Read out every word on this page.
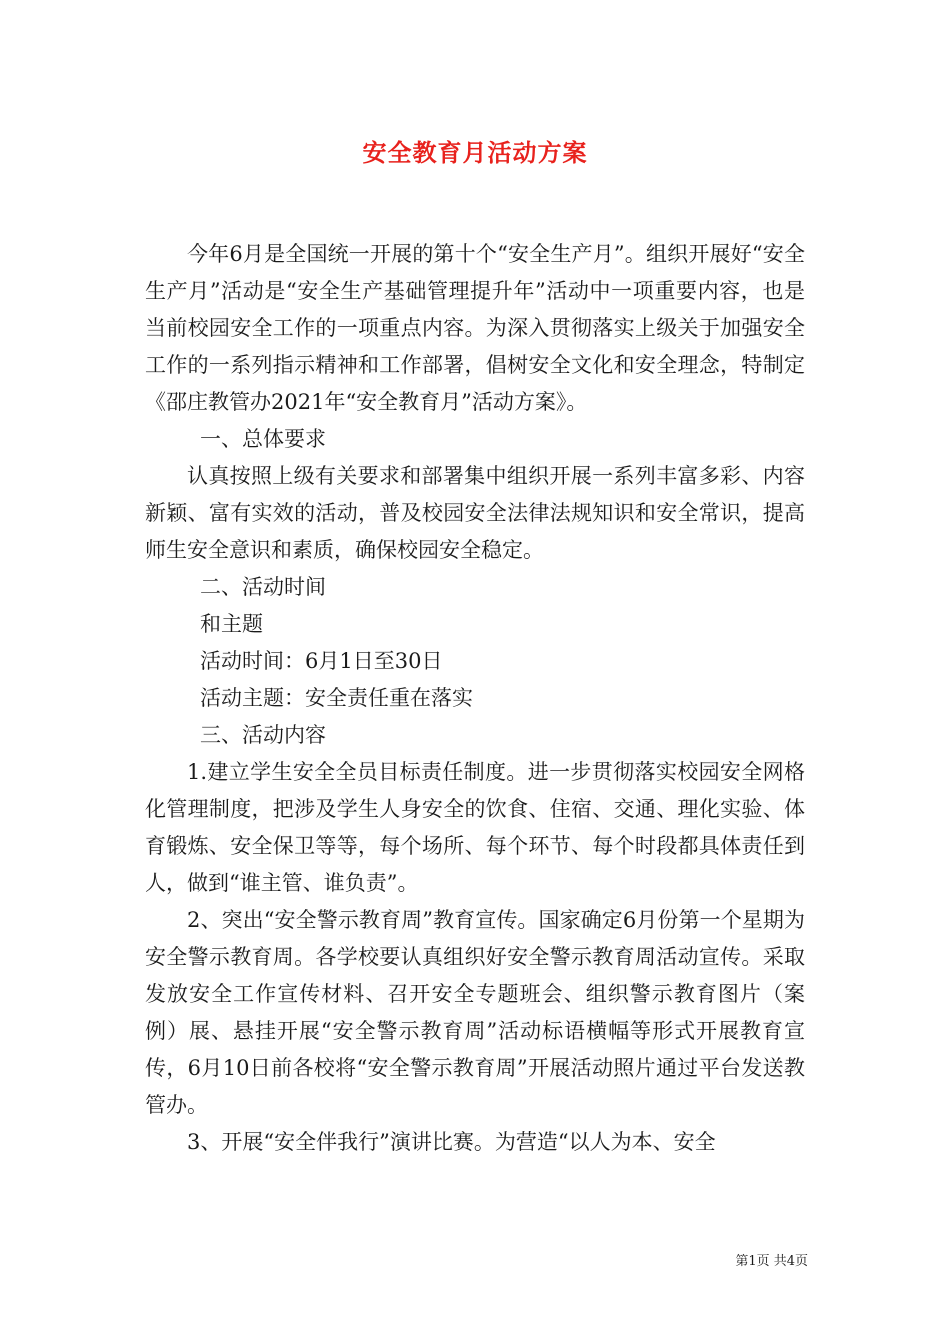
安全教育月活动方案

今年6月是全国统一开展的第十个“安全生产月”。组织开展好“安全生产月”活动是“安全生产基础管理提升年”活动中一项重要内容，也是当前校园安全工作的一项重点内容。为深入贯彻落实上级关于加强安全工作的一系列指示精神和工作部署，倡树安全文化和安全理念，特制定《邵庄教管办2021年“安全教育月”活动方案》。

一、总体要求

认真按照上级有关要求和部署集中组织开展一系列丰富多彩、内容新颖、富有实效的活动，普及校园安全法律法规知识和安全常识，提高师生安全意识和素质，确保校园安全稳定。

二、活动时间

和主题

活动时间：6月1日至30日

活动主题：安全责任重在落实

三、活动内容

1.建立学生安全全员目标责任制度。进一步贯彻落实校园安全网格化管理制度，把涉及学生人身安全的饮食、住宿、交通、理化实验、体育锻炼、安全保卫等等，每个场所、每个环节、每个时段都具体责任到人，做到“谁主管、谁负责”。

2、突出“安全警示教育周”教育宣传。国家确定6月份第一个星期为安全警示教育周。各学校要认真组织好安全警示教育周活动宣传。采取发放安全工作宣传材料、召开安全专题班会、组织警示教育图片（案例）展、悬挂开展“安全警示教育周”活动标语横幅等形式开展教育宣传，6月10日前各校将“安全警示教育周”开展活动照片通过平台发送教管办。

3、开展“安全伴我行”演讲比赛。为营造“以人为本、安全

第1页 共4页
